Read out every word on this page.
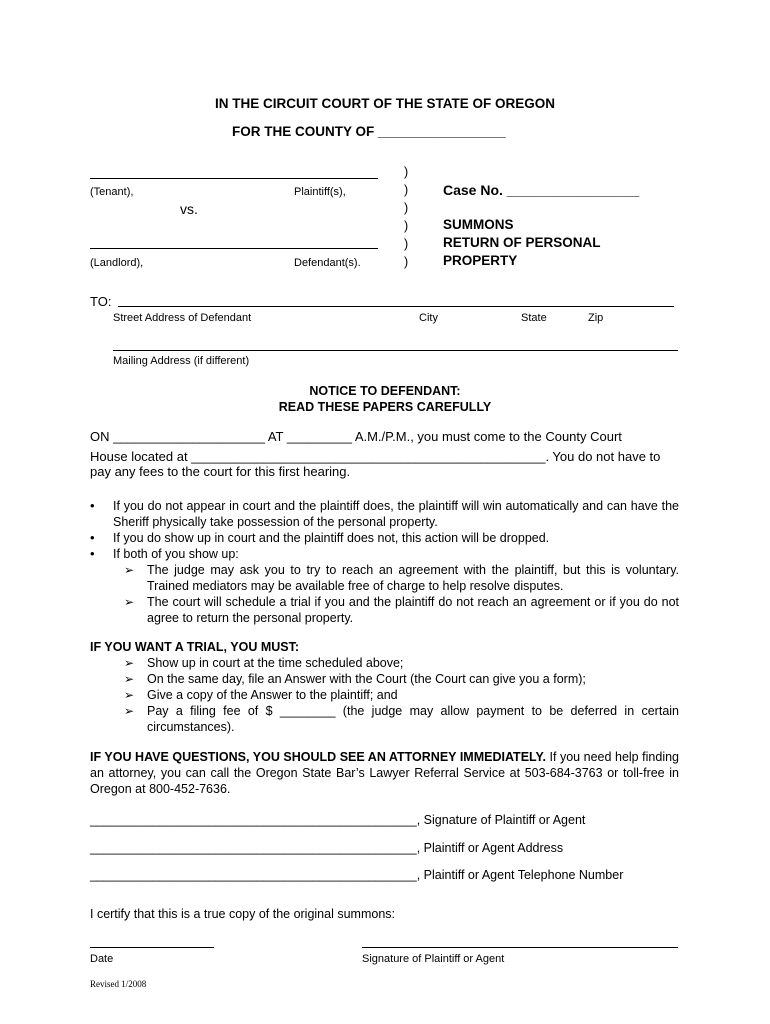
IN THE CIRCUIT COURT OF THE STATE OF OREGON
FOR THE COUNTY OF _________________
(Tenant),	Plaintiff(s),
vs.
(Landlord),	Defendant(s).
)
)
)
)
)
)
Case No. _________________
SUMMONS
RETURN OF PERSONAL
PROPERTY
TO:
Street Address of Defendant	City	State	Zip
Mailing Address (if different)
NOTICE TO DEFENDANT:
READ THESE PAPERS CAREFULLY
ON _____________________ AT _________ A.M./P.M., you must come to the County Court
House located at _________________________________________________. You do not have to
pay any fees to the court for this first hearing.
• If you do not appear in court and the plaintiff does, the plaintiff will win automatically and can have the Sheriff physically take possession of the personal property.
• If you do show up in court and the plaintiff does not, this action will be dropped.
• If both of you show up:
➢ The judge may ask you to try to reach an agreement with the plaintiff, but this is voluntary. Trained mediators may be available free of charge to help resolve disputes.
➢ The court will schedule a trial if you and the plaintiff do not reach an agreement or if you do not agree to return the personal property.
IF YOU WANT A TRIAL, YOU MUST:
➢ Show up in court at the time scheduled above;
➢ On the same day, file an Answer with the Court (the Court can give you a form);
➢ Give a copy of the Answer to the plaintiff; and
➢ Pay a filing fee of $ ________ (the judge may allow payment to be deferred in certain circumstances).
IF YOU HAVE QUESTIONS, YOU SHOULD SEE AN ATTORNEY IMMEDIATELY. If you need help finding an attorney, you can call the Oregon State Bar’s Lawyer Referral Service at 503-684-3763 or toll-free in Oregon at 800-452-7636.
_______________________________________________, Signature of Plaintiff or Agent
_______________________________________________, Plaintiff or Agent Address
_______________________________________________, Plaintiff or Agent Telephone Number
I certify that this is a true copy of the original summons:
Date	Signature of Plaintiff or Agent
Revised 1/2008
